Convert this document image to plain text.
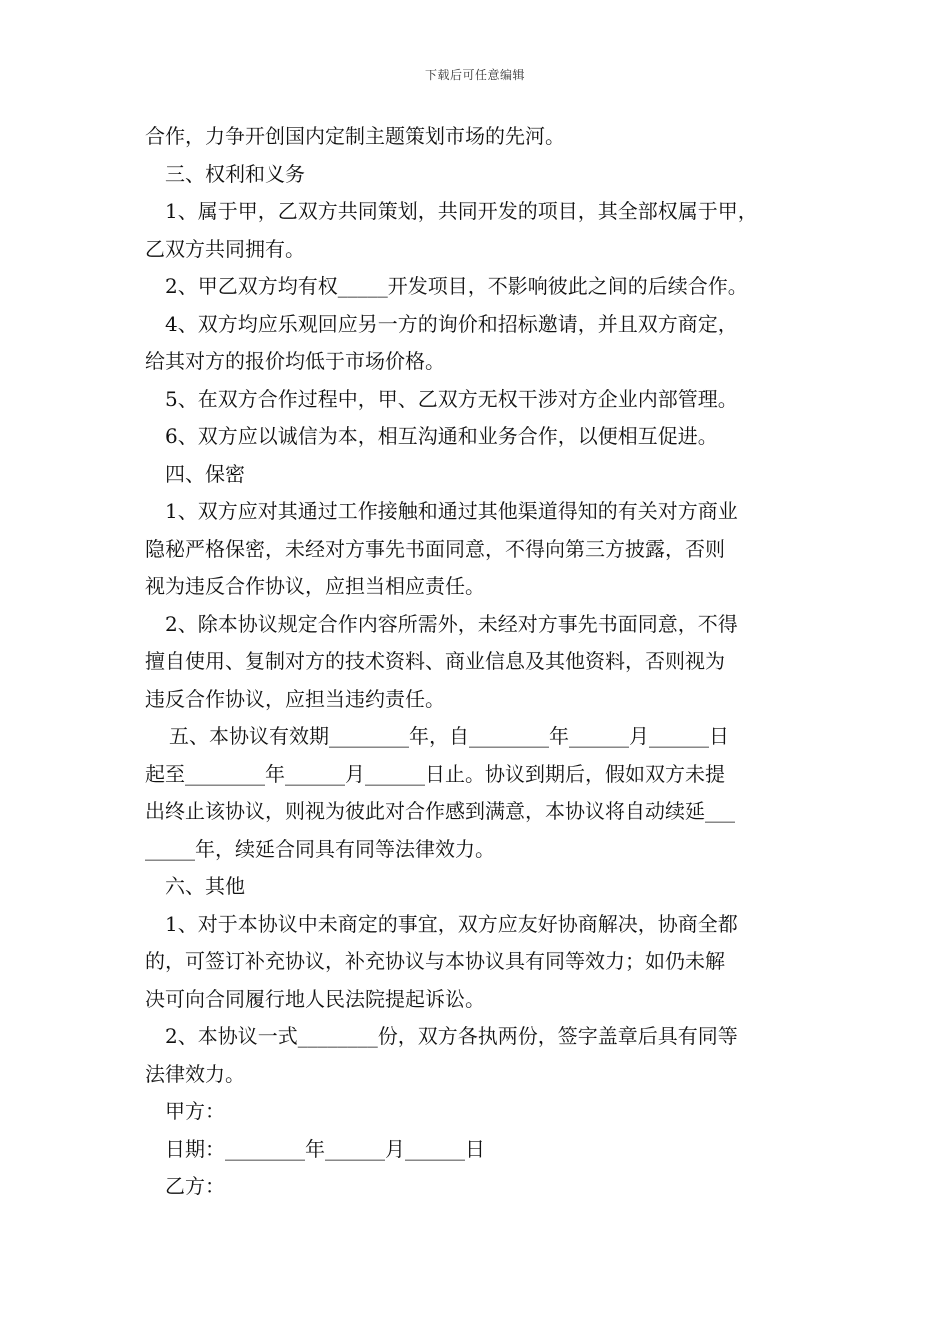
下载后可任意编辑
合作，力争开创国内定制主题策划市场的先河。
三、权利和义务
1、属于甲，乙双方共同策划，共同开发的项目，其全部权属于甲，
乙双方共同拥有。
2、甲乙双方均有权_____开发项目，不影响彼此之间的后续合作。
4、双方均应乐观回应另一方的询价和招标邀请，并且双方商定，
给其对方的报价均低于市场价格。
5、在双方合作过程中，甲、乙双方无权干涉对方企业内部管理。
6、双方应以诚信为本，相互沟通和业务合作，以便相互促进。
四、保密
1、双方应对其通过工作接触和通过其他渠道得知的有关对方商业
隐秘严格保密，未经对方事先书面同意，不得向第三方披露，否则
视为违反合作协议，应担当相应责任。
2、除本协议规定合作内容所需外，未经对方事先书面同意，不得
擅自使用、复制对方的技术资料、商业信息及其他资料，否则视为
违反合作协议，应担当违约责任。
五、本协议有效期________年，自________年______月______日
起至________年______月______日止。协议到期后，假如双方未提
出终止该协议，则视为彼此对合作感到满意，本协议将自动续延___
_____年，续延合同具有同等法律效力。
六、其他
1、对于本协议中未商定的事宜，双方应友好协商解决，协商全都
的，可签订补充协议，补充协议与本协议具有同等效力；如仍未解
决可向合同履行地人民法院提起诉讼。
2、本协议一式________份，双方各执两份，签字盖章后具有同等
法律效力。
甲方：
日期：________年______月______日
乙方：
